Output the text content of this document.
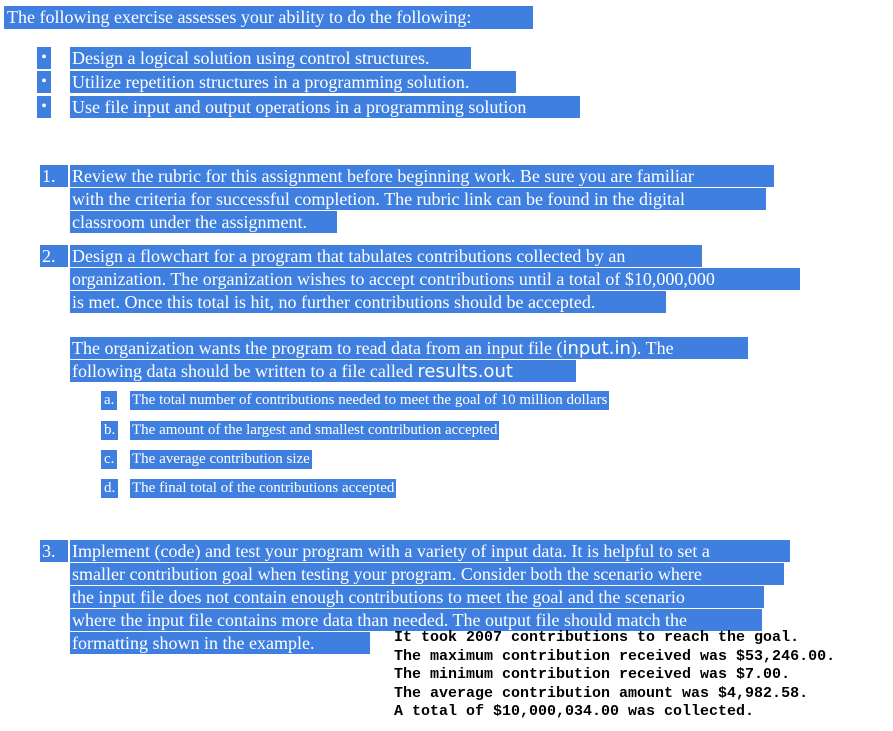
The following exercise assesses your ability to do the following:
• Design a logical solution using control structures.
• Utilize repetition structures in a programming solution.
• Use file input and output operations in a programming solution
1. Review the rubric for this assignment before beginning work. Be sure you are familiar
with the criteria for successful completion. The rubric link can be found in the digital
classroom under the assignment.
2. Design a flowchart for a program that tabulates contributions collected by an
organization. The organization wishes to accept contributions until a total of $10,000,000
is met. Once this total is hit, no further contributions should be accepted.
The organization wants the program to read data from an input file (input.in). The
following data should be written to a file called results.out
a. The total number of contributions needed to meet the goal of 10 million dollars
b. The amount of the largest and smallest contribution accepted
c. The average contribution size
d. The final total of the contributions accepted
3. Implement (code) and test your program with a variety of input data. It is helpful to set a
smaller contribution goal when testing your program. Consider both the scenario where
the input file does not contain enough contributions to meet the goal and the scenario
where the input file contains more data than needed. The output file should match the
formatting shown in the example.	It took 2007 contributions to reach the goal.
The maximum contribution received was $53,246.00.
The minimum contribution received was $7.00.
The average contribution amount was $4,982.58.
A total of $10,000,034.00 was collected.
